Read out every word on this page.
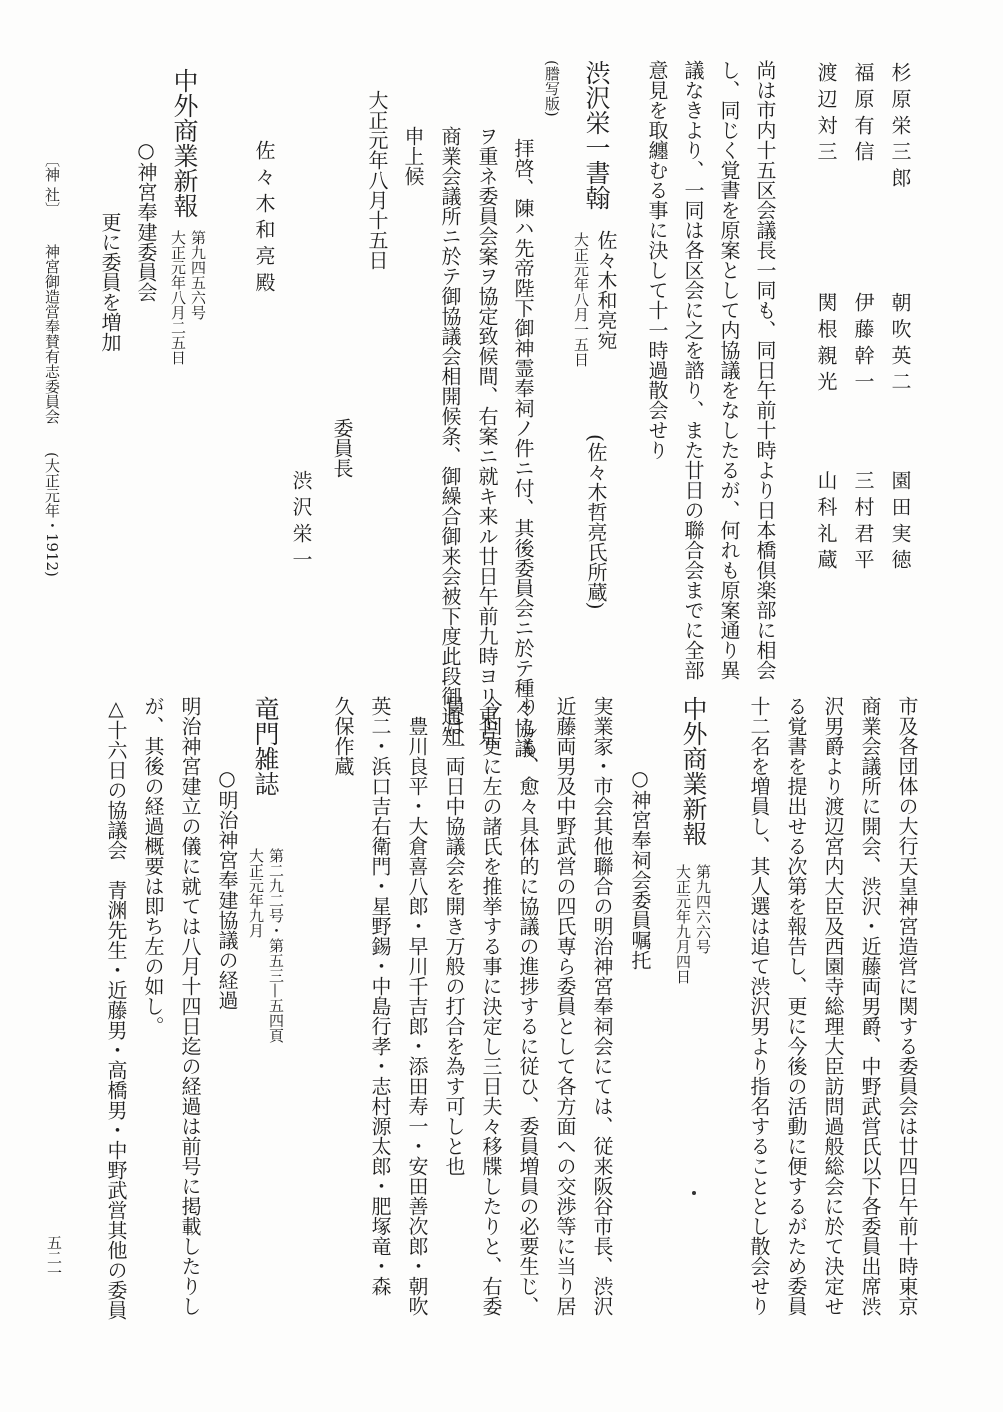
杉 原 栄 三 郎
朝 吹 英 二
園 田 実 徳
福 原 有 信
伊 藤 幹 一
三 村 君 平
渡 辺 対 三
関 根 親 光
山 科 礼 蔵
尚は市内十五区会議長一同も、同日午前十時より日本橋倶楽部に相会
し、同じく覚書を原案として内協議をなしたるが、何れも原案通り異
議なきより、一同は各区会に之を諮り、また廿日の聯合会までに全部
意見を取纏むる事に決して十一時過散会せり
渋沢栄一書翰
佐々木和亮宛
大正元年八月一五日
(佐々木哲亮氏所蔵)
(謄写版)
拝啓、陳ハ先帝陛下御神霊奉祠ノ件ニ付、其後委員会ニ於テ種々協議
ヲ重ネ委員会案ヲ協定致候間、右案ニ就キ来ル廿日午前九時ヨリ東京
商業会議所ニ於テ御協議会相開候条、御繰合御来会被下度此段御通知
申上候
大正元年八月十五日
委員長
渋 沢 栄 一
佐 々 木 和 亮 殿
中外商業新報
第九四五六号
大正元年八月二五日
○神宮奉建委員会
更に委員を増加
〔神 社〕
神宮御造営奉賛有志委員会
(大正元年・1912)
市及各団体の大行天皇神宮造営に関する委員会は廿四日午前十時東京
商業会議所に開会、渋沢・近藤両男爵、中野武営氏以下各委員出席渋
沢男爵より渡辺宮内大臣及西園寺総理大臣訪問過般総会に於て決定せ
る覚書を提出せる次第を報告し、更に今後の活動に便するがため委員
十二名を増員し、其人選は追て渋沢男より指名することとし散会せり
中外商業新報
第九四六六号
大正元年九月四日
○神宮奉祠会委員嘱托
実業家・市会其他聯合の明治神宮奉祠会にては、従来阪谷市長、渋沢
近藤両男及中野武営の四氏専ら委員として各方面への交渉等に当り居
りしも、愈々具体的に協議の進捗するに従ひ、委員増員の必要生じ、
今回更に左の諸氏を推挙する事に決定し三日夫々移牒したりと、右委
員は一両日中協議会を開き万般の打合を為す可しと也
豊川良平・大倉喜八郎・早川千吉郎・添田寿一・安田善次郎・朝吹
英二・浜口吉右衛門・星野錫・中島行孝・志村源太郎・肥塚竜・森
久保作蔵
竜門雑誌
第二九二号・第五三—五四頁
大正元年九月
○明治神宮奉建協議の経過
明治神宮建立の儀に就ては八月十四日迄の経過は前号に掲載したりし
が、其後の経過概要は即ち左の如し。
△十六日の協議会　青渊先生・近藤男・高橋男・中野武営其他の委員
五二一
